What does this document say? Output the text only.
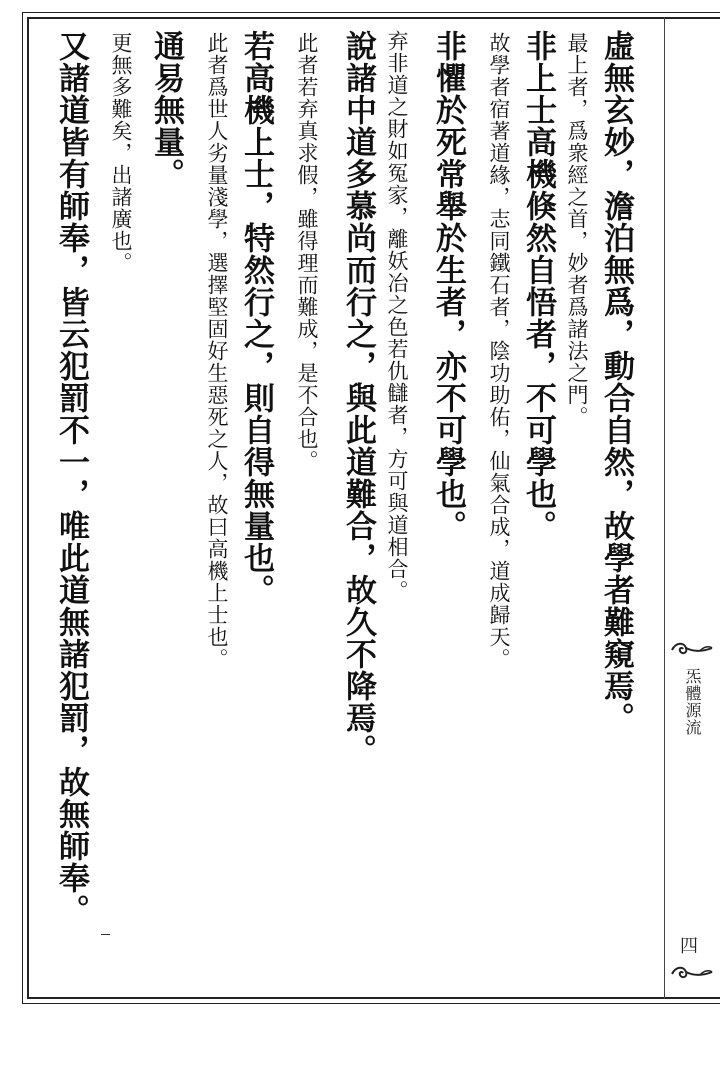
虛無玄妙，澹泊無爲，動合自然，故學者難窺焉。
最上者，爲衆經之首，妙者爲諸法之門。
非上士高機倏然自悟者，不可學也。
故學者宿著道緣，志同鐵石者，陰功助佑，仙氣合成，道成歸天。
非懼於死常舉於生者，亦不可學也。
弃非道之財如冤家，離妖冶之色若仇讎者，方可與道相合。
說諸中道多慕尚而行之，與此道難合，故久不降焉。
此者若弃真求假，雖得理而難成，是不合也。
若高機上士，特然行之，則自得無量也。
此者爲世人劣量淺學，選擇堅固好生惡死之人，故曰高機上士也。
通易無量。
更無多難矣，出諸廣也。
又諸道皆有師奉，皆云犯罰不一，唯此道無諸犯罰，故無師奉。	炁體源流
四
